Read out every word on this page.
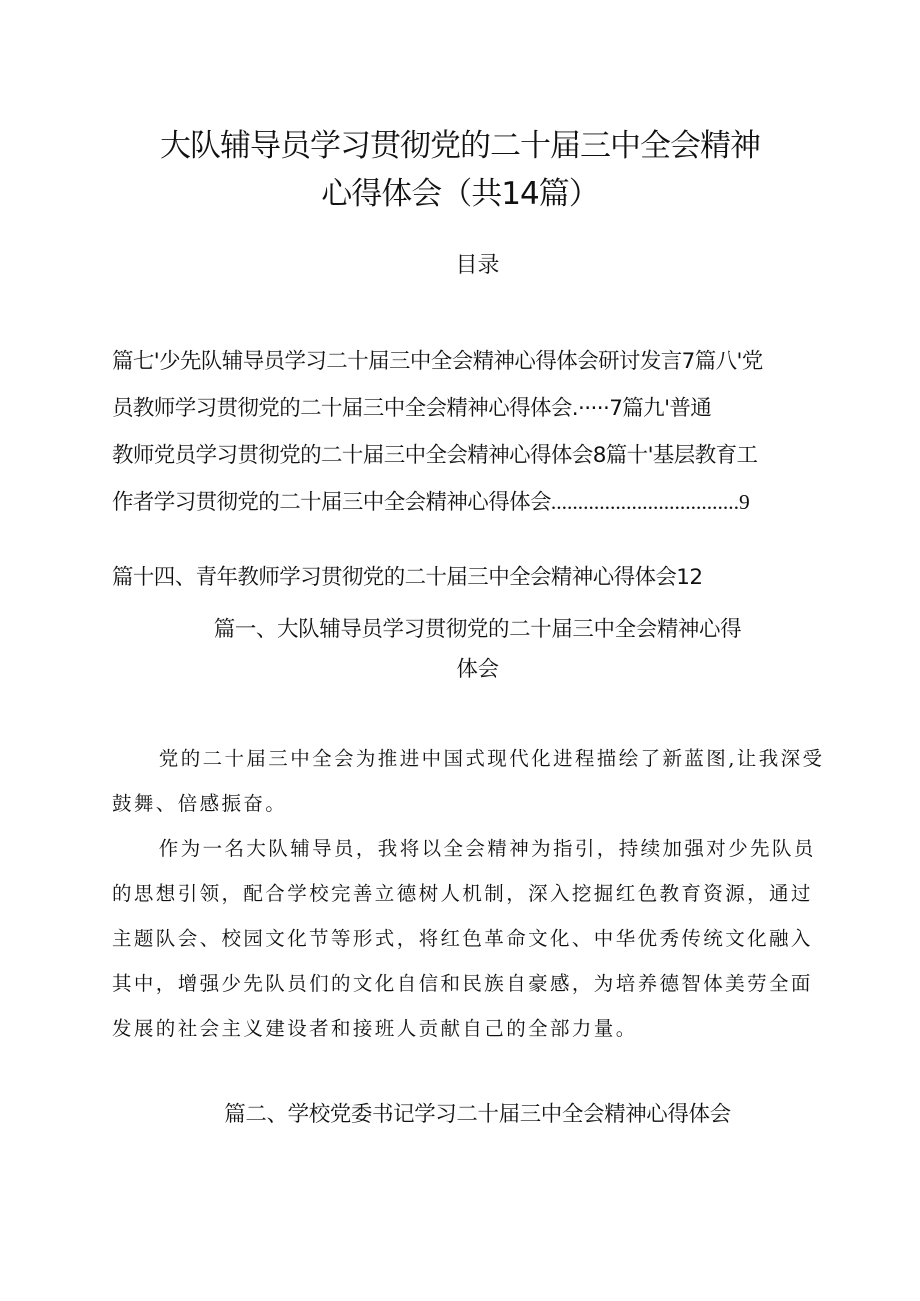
大队辅导员学习贯彻党的二十届三中全会精神
心得体会（共14篇）
目录
篇七'少先队辅导员学习二十届三中全会精神心得体会研讨发言7篇八'党
员教师学习贯彻党的二十届三中全会精神心得体会.·····7篇九'普通
教师党员学习贯彻党的二十届三中全会精神心得体会8篇十'基层教育工
作者学习贯彻党的二十届三中全会精神心得体会...................................9
篇十四、青年教师学习贯彻党的二十届三中全会精神心得体会12
篇一、大队辅导员学习贯彻党的二十届三中全会精神心得
体会

党的二十届三中全会为推进中国式现代化进程描绘了新蓝图,让我深受鼓舞、倍感振奋。

作为一名大队辅导员，我将以全会精神为指引，持续加强对少先队员的思想引领，配合学校完善立德树人机制，深入挖掘红色教育资源，通过主题队会、校园文化节等形式，将红色革命文化、中华优秀传统文化融入其中，增强少先队员们的文化自信和民族自豪感，为培养德智体美劳全面发展的社会主义建设者和接班人贡献自己的全部力量。

篇二、学校党委书记学习二十届三中全会精神心得体会
